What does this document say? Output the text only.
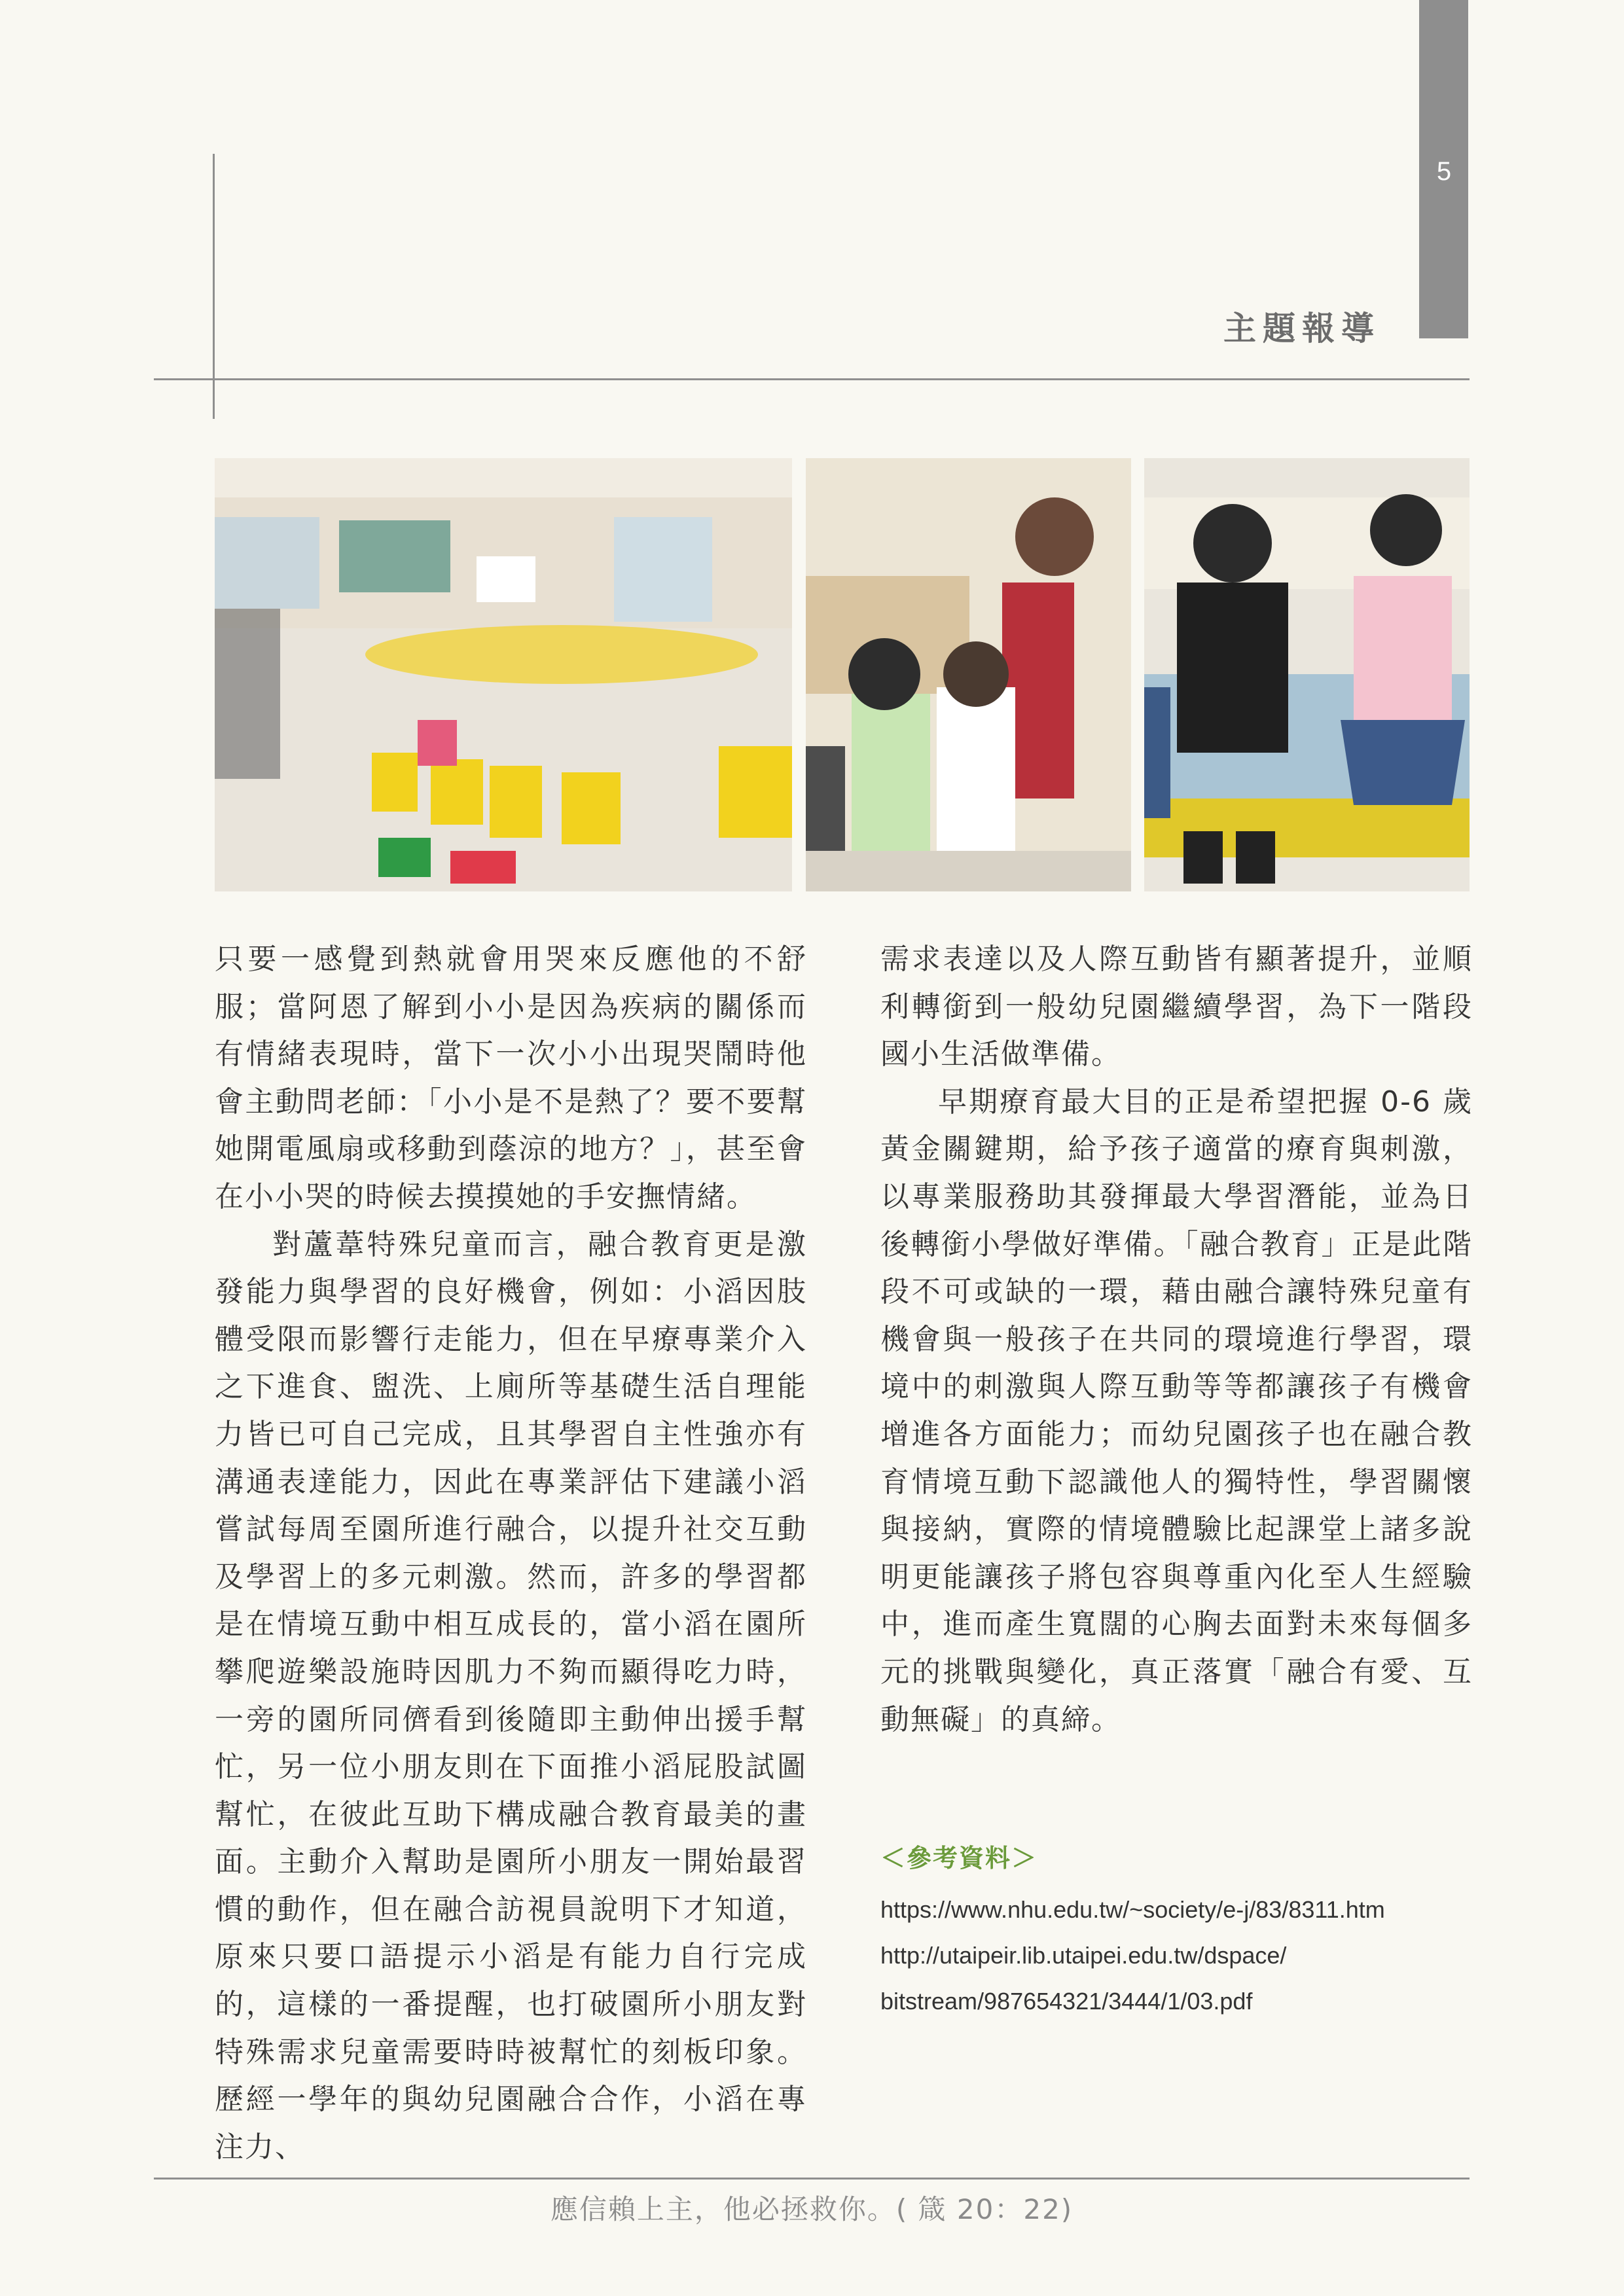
5
主題報導

只要一感覺到熱就會用哭來反應他的不舒服；當阿恩了解到小小是因為疾病的關係而有情緒表現時，當下一次小小出現哭鬧時他會主動問老師：「小小是不是熱了？要不要幫她開電風扇或移動到蔭涼的地方？」，甚至會在小小哭的時候去摸摸她的手安撫情緒。

對蘆葦特殊兒童而言，融合教育更是激發能力與學習的良好機會，例如：小滔因肢體受限而影響行走能力，但在早療專業介入之下進食、盥洗、上廁所等基礎生活自理能力皆已可自己完成，且其學習自主性強亦有溝通表達能力，因此在專業評估下建議小滔嘗試每周至園所進行融合，以提升社交互動及學習上的多元刺激。然而，許多的學習都是在情境互動中相互成長的，當小滔在園所攀爬遊樂設施時因肌力不夠而顯得吃力時，一旁的園所同儕看到後隨即主動伸出援手幫忙，另一位小朋友則在下面推小滔屁股試圖幫忙，在彼此互助下構成融合教育最美的畫面。主動介入幫助是園所小朋友一開始最習慣的動作，但在融合訪視員說明下才知道，原來只要口語提示小滔是有能力自行完成的，這樣的一番提醒，也打破園所小朋友對特殊需求兒童需要時時被幫忙的刻板印象。歷經一學年的與幼兒園融合合作，小滔在專注力、

需求表達以及人際互動皆有顯著提升，並順利轉銜到一般幼兒園繼續學習，為下一階段國小生活做準備。

早期療育最大目的正是希望把握 0-6 歲黃金關鍵期，給予孩子適當的療育與刺激，以專業服務助其發揮最大學習潛能，並為日後轉銜小學做好準備。「融合教育」正是此階段不可或缺的一環，藉由融合讓特殊兒童有機會與一般孩子在共同的環境進行學習，環境中的刺激與人際互動等等都讓孩子有機會增進各方面能力；而幼兒園孩子也在融合教育情境互動下認識他人的獨特性，學習關懷與接納，實際的情境體驗比起課堂上諸多說明更能讓孩子將包容與尊重內化至人生經驗中，進而產生寬闊的心胸去面對未來每個多元的挑戰與變化，真正落實「融合有愛、互動無礙」的真締。

＜參考資料＞
https://www.nhu.edu.tw/~society/e-j/83/8311.htm
http://utaipeir.lib.utaipei.edu.tw/dspace/
bitstream/987654321/3444/1/03.pdf
應信賴上主，他必拯救你。( 箴 20：22)
